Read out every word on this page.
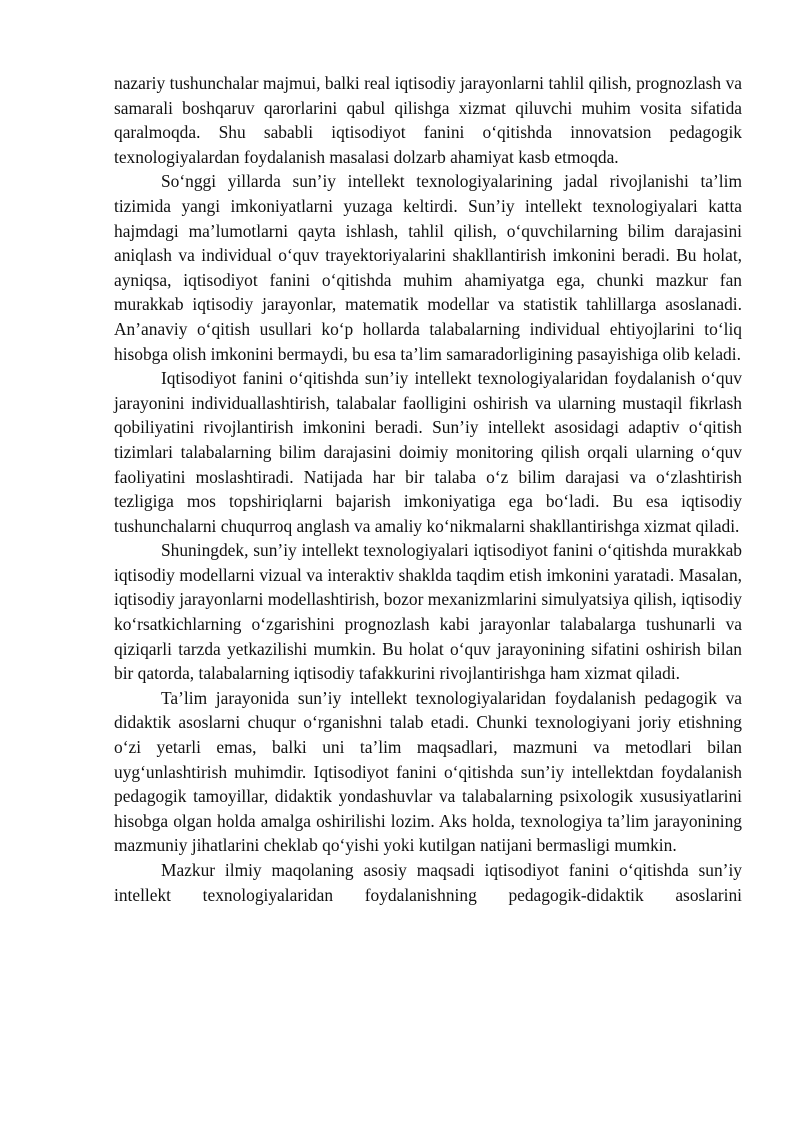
nazariy tushunchalar majmui, balki real iqtisodiy jarayonlarni tahlil qilish, prognozlash va samarali boshqaruv qarorlarini qabul qilishga xizmat qiluvchi muhim vosita sifatida qaralmoqda. Shu sababli iqtisodiyot fanini o‘qitishda innovatsion pedagogik texnologiyalardan foydalanish masalasi dolzarb ahamiyat kasb etmoqda.

So‘nggi yillarda sun’iy intellekt texnologiyalarining jadal rivojlanishi ta’lim tizimida yangi imkoniyatlarni yuzaga keltirdi. Sun’iy intellekt texnologiyalari katta hajmdagi ma’lumotlarni qayta ishlash, tahlil qilish, o‘quvchilarning bilim darajasini aniqlash va individual o‘quv trayektoriyalarini shakllantirish imkonini beradi. Bu holat, ayniqsa, iqtisodiyot fanini o‘qitishda muhim ahamiyatga ega, chunki mazkur fan murakkab iqtisodiy jarayonlar, matematik modellar va statistik tahlillarga asoslanadi. An’anaviy o‘qitish usullari ko‘p hollarda talabalarning individual ehtiyojlarini to‘liq hisobga olish imkonini bermaydi, bu esa ta’lim samaradorligining pasayishiga olib keladi.

Iqtisodiyot fanini o‘qitishda sun’iy intellekt texnologiyalaridan foydalanish o‘quv jarayonini individuallashtirish, talabalar faolligini oshirish va ularning mustaqil fikrlash qobiliyatini rivojlantirish imkonini beradi. Sun’iy intellekt asosidagi adaptiv o‘qitish tizimlari talabalarning bilim darajasini doimiy monitoring qilish orqali ularning o‘quv faoliyatini moslashtiradi. Natijada har bir talaba o‘z bilim darajasi va o‘zlashtirish tezligiga mos topshiriqlarni bajarish imkoniyatiga ega bo‘ladi. Bu esa iqtisodiy tushunchalarni chuqurroq anglash va amaliy ko‘nikmalarni shakllantirishga xizmat qiladi.

Shuningdek, sun’iy intellekt texnologiyalari iqtisodiyot fanini o‘qitishda murakkab iqtisodiy modellarni vizual va interaktiv shaklda taqdim etish imkonini yaratadi. Masalan, iqtisodiy jarayonlarni modellashtirish, bozor mexanizmlarini simulyatsiya qilish, iqtisodiy ko‘rsatkichlarning o‘zgarishini prognozlash kabi jarayonlar talabalarga tushunarli va qiziqarli tarzda yetkazilishi mumkin. Bu holat o‘quv jarayonining sifatini oshirish bilan bir qatorda, talabalarning iqtisodiy tafakkurini rivojlantirishga ham xizmat qiladi.

Ta’lim jarayonida sun’iy intellekt texnologiyalaridan foydalanish pedagogik va didaktik asoslarni chuqur o‘rganishni talab etadi. Chunki texnologiyani joriy etishning o‘zi yetarli emas, balki uni ta’lim maqsadlari, mazmuni va metodlari bilan uyg‘unlashtirish muhimdir. Iqtisodiyot fanini o‘qitishda sun’iy intellektdan foydalanish pedagogik tamoyillar, didaktik yondashuvlar va talabalarning psixologik xususiyatlarini hisobga olgan holda amalga oshirilishi lozim. Aks holda, texnologiya ta’lim jarayonining mazmuniy jihatlarini cheklab qo‘yishi yoki kutilgan natijani bermasligi mumkin.

Mazkur ilmiy maqolaning asosiy maqsadi iqtisodiyot fanini o‘qitishda sun’iy intellekt texnologiyalaridan foydalanishning pedagogik-didaktik asoslarini
